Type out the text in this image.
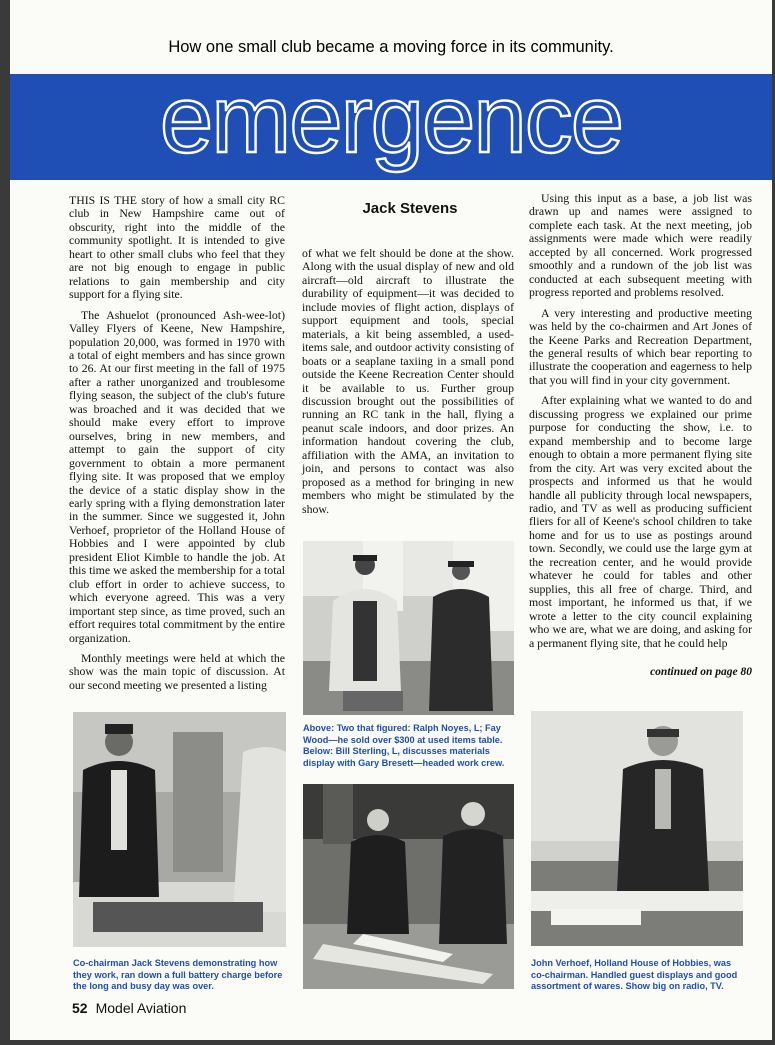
How one small club became a moving force in its community.
emergence
Jack Stevens

THIS IS THE story of how a small city RC club in New Hampshire came out of obscurity, right into the middle of the community spotlight. It is intended to give heart to other small clubs who feel that they are not big enough to engage in public relations to gain membership and city support for a flying site.

The Ashuelot (pronounced Ash-wee-lot) Valley Flyers of Keene, New Hampshire, population 20,000, was formed in 1970 with a total of eight members and has since grown to 26. At our first meeting in the fall of 1975 after a rather unorganized and troublesome flying season, the subject of the club's future was broached and it was decided that we should make every effort to improve ourselves, bring in new members, and attempt to gain the support of city government to obtain a more permanent flying site. It was proposed that we employ the device of a static display show in the early spring with a flying demonstration later in the summer. Since we suggested it, John Verhoef, proprietor of the Holland House of Hobbies and I were appointed by club president Eliot Kimble to handle the job. At this time we asked the membership for a total club effort in order to achieve success, to which everyone agreed. This was a very important step since, as time proved, such an effort requires total commitment by the entire organization.

Monthly meetings were held at which the show was the main topic of discussion. At our second meeting we presented a listing

of what we felt should be done at the show. Along with the usual display of new and old aircraft—old aircraft to illustrate the durability of equipment—it was decided to include movies of flight action, displays of support equipment and tools, special materials, a kit being assembled, a used-items sale, and outdoor activity consisting of boats or a seaplane taxiing in a small pond outside the Keene Recreation Center should it be available to us. Further group discussion brought out the possibilities of running an RC tank in the hall, flying a peanut scale indoors, and door prizes. An information handout covering the club, affiliation with the AMA, an invitation to join, and persons to contact was also proposed as a method for bringing in new members who might be stimulated by the show.

Using this input as a base, a job list was drawn up and names were assigned to complete each task. At the next meeting, job assignments were made which were readily accepted by all concerned. Work progressed smoothly and a rundown of the job list was conducted at each subsequent meeting with progress reported and problems resolved.

A very interesting and productive meeting was held by the co-chairmen and Art Jones of the Keene Parks and Recreation Department, the general results of which bear reporting to illustrate the cooperation and eagerness to help that you will find in your city government.

After explaining what we wanted to do and discussing progress we explained our prime purpose for conducting the show, i.e. to expand membership and to become large enough to obtain a more permanent flying site from the city. Art was very excited about the prospects and informed us that he would handle all publicity through local newspapers, radio, and TV as well as producing sufficient fliers for all of Keene's school children to take home and for us to use as postings around town. Secondly, we could use the large gym at the recreation center, and he would provide whatever he could for tables and other supplies, this all free of charge. Third, and most important, he informed us that, if we wrote a letter to the city council explaining who we are, what we are doing, and asking for a permanent flying site, that he could help

continued on page 80
Above: Two that figured: Ralph Noyes, L; Fay Wood—he sold over $300 at used items table. Below: Bill Sterling, L, discusses materials display with Gary Bresett—headed work crew.
Co-chairman Jack Stevens demonstrating how they work, ran down a full battery charge before the long and busy day was over.
John Verhoef, Holland House of Hobbies, was co-chairman. Handled guest displays and good assortment of wares. Show big on radio, TV.
52 Model Aviation
